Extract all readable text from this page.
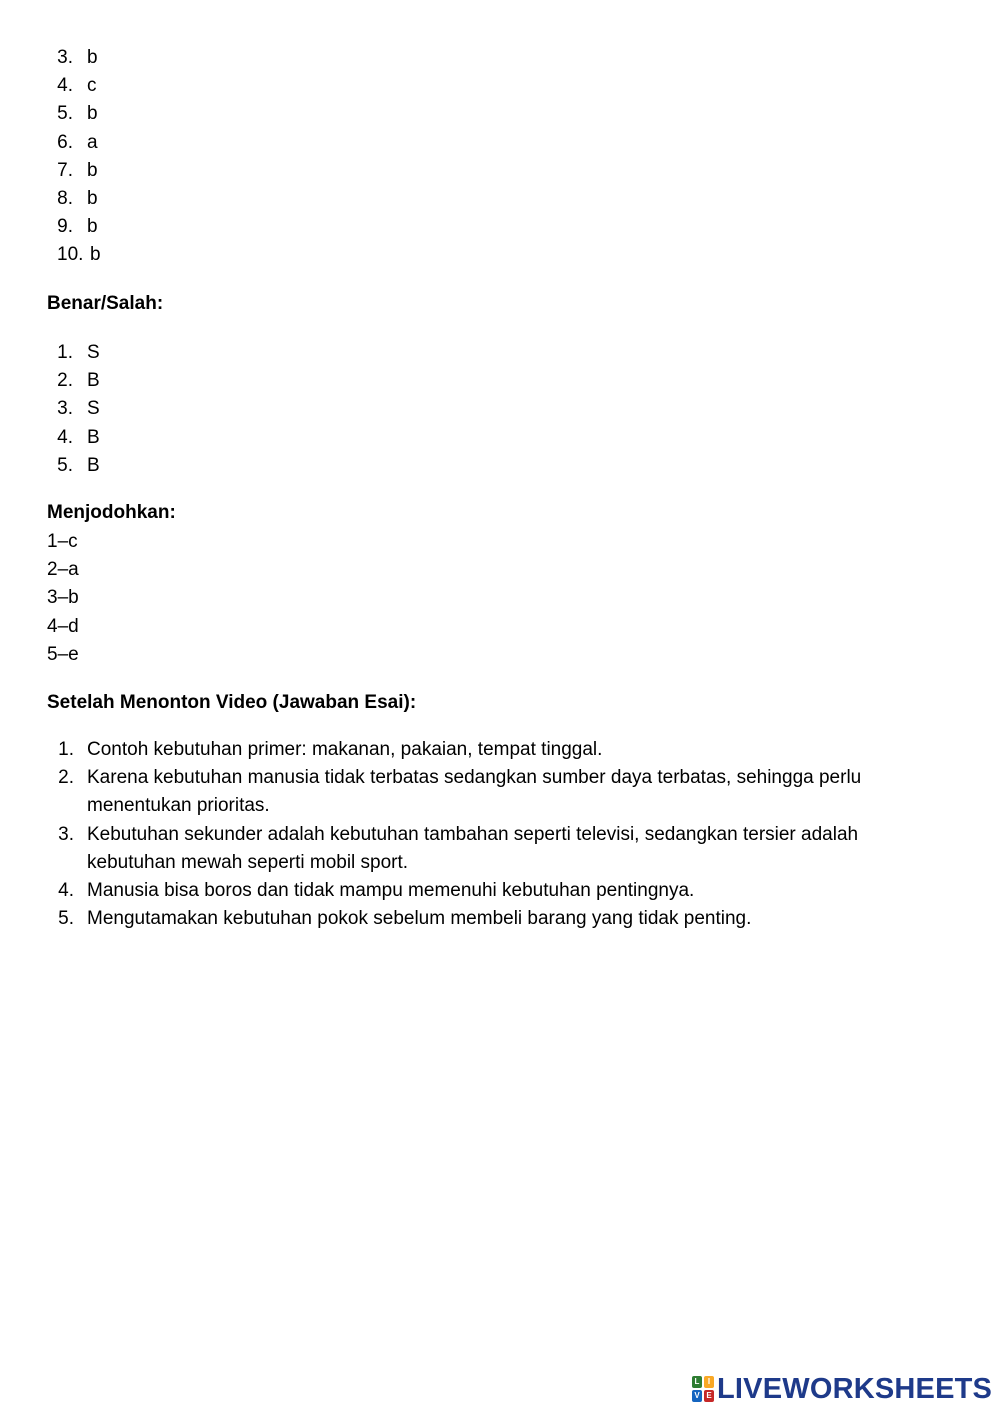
3. b
4. c
5. b
6. a
7. b
8. b
9. b
10. b
Benar/Salah:
1. S
2. B
3. S
4. B
5. B
Menjodohkan:
1–c
2–a
3–b
4–d
5–e
Setelah Menonton Video (Jawaban Esai):
1. Contoh kebutuhan primer: makanan, pakaian, tempat tinggal.
2. Karena kebutuhan manusia tidak terbatas sedangkan sumber daya terbatas, sehingga perlu menentukan prioritas.
3. Kebutuhan sekunder adalah kebutuhan tambahan seperti televisi, sedangkan tersier adalah kebutuhan mewah seperti mobil sport.
4. Manusia bisa boros dan tidak mampu memenuhi kebutuhan pentingnya.
5. Mengutamakan kebutuhan pokok sebelum membeli barang yang tidak penting.
L	I
V E LIVEWORKSHEETS
